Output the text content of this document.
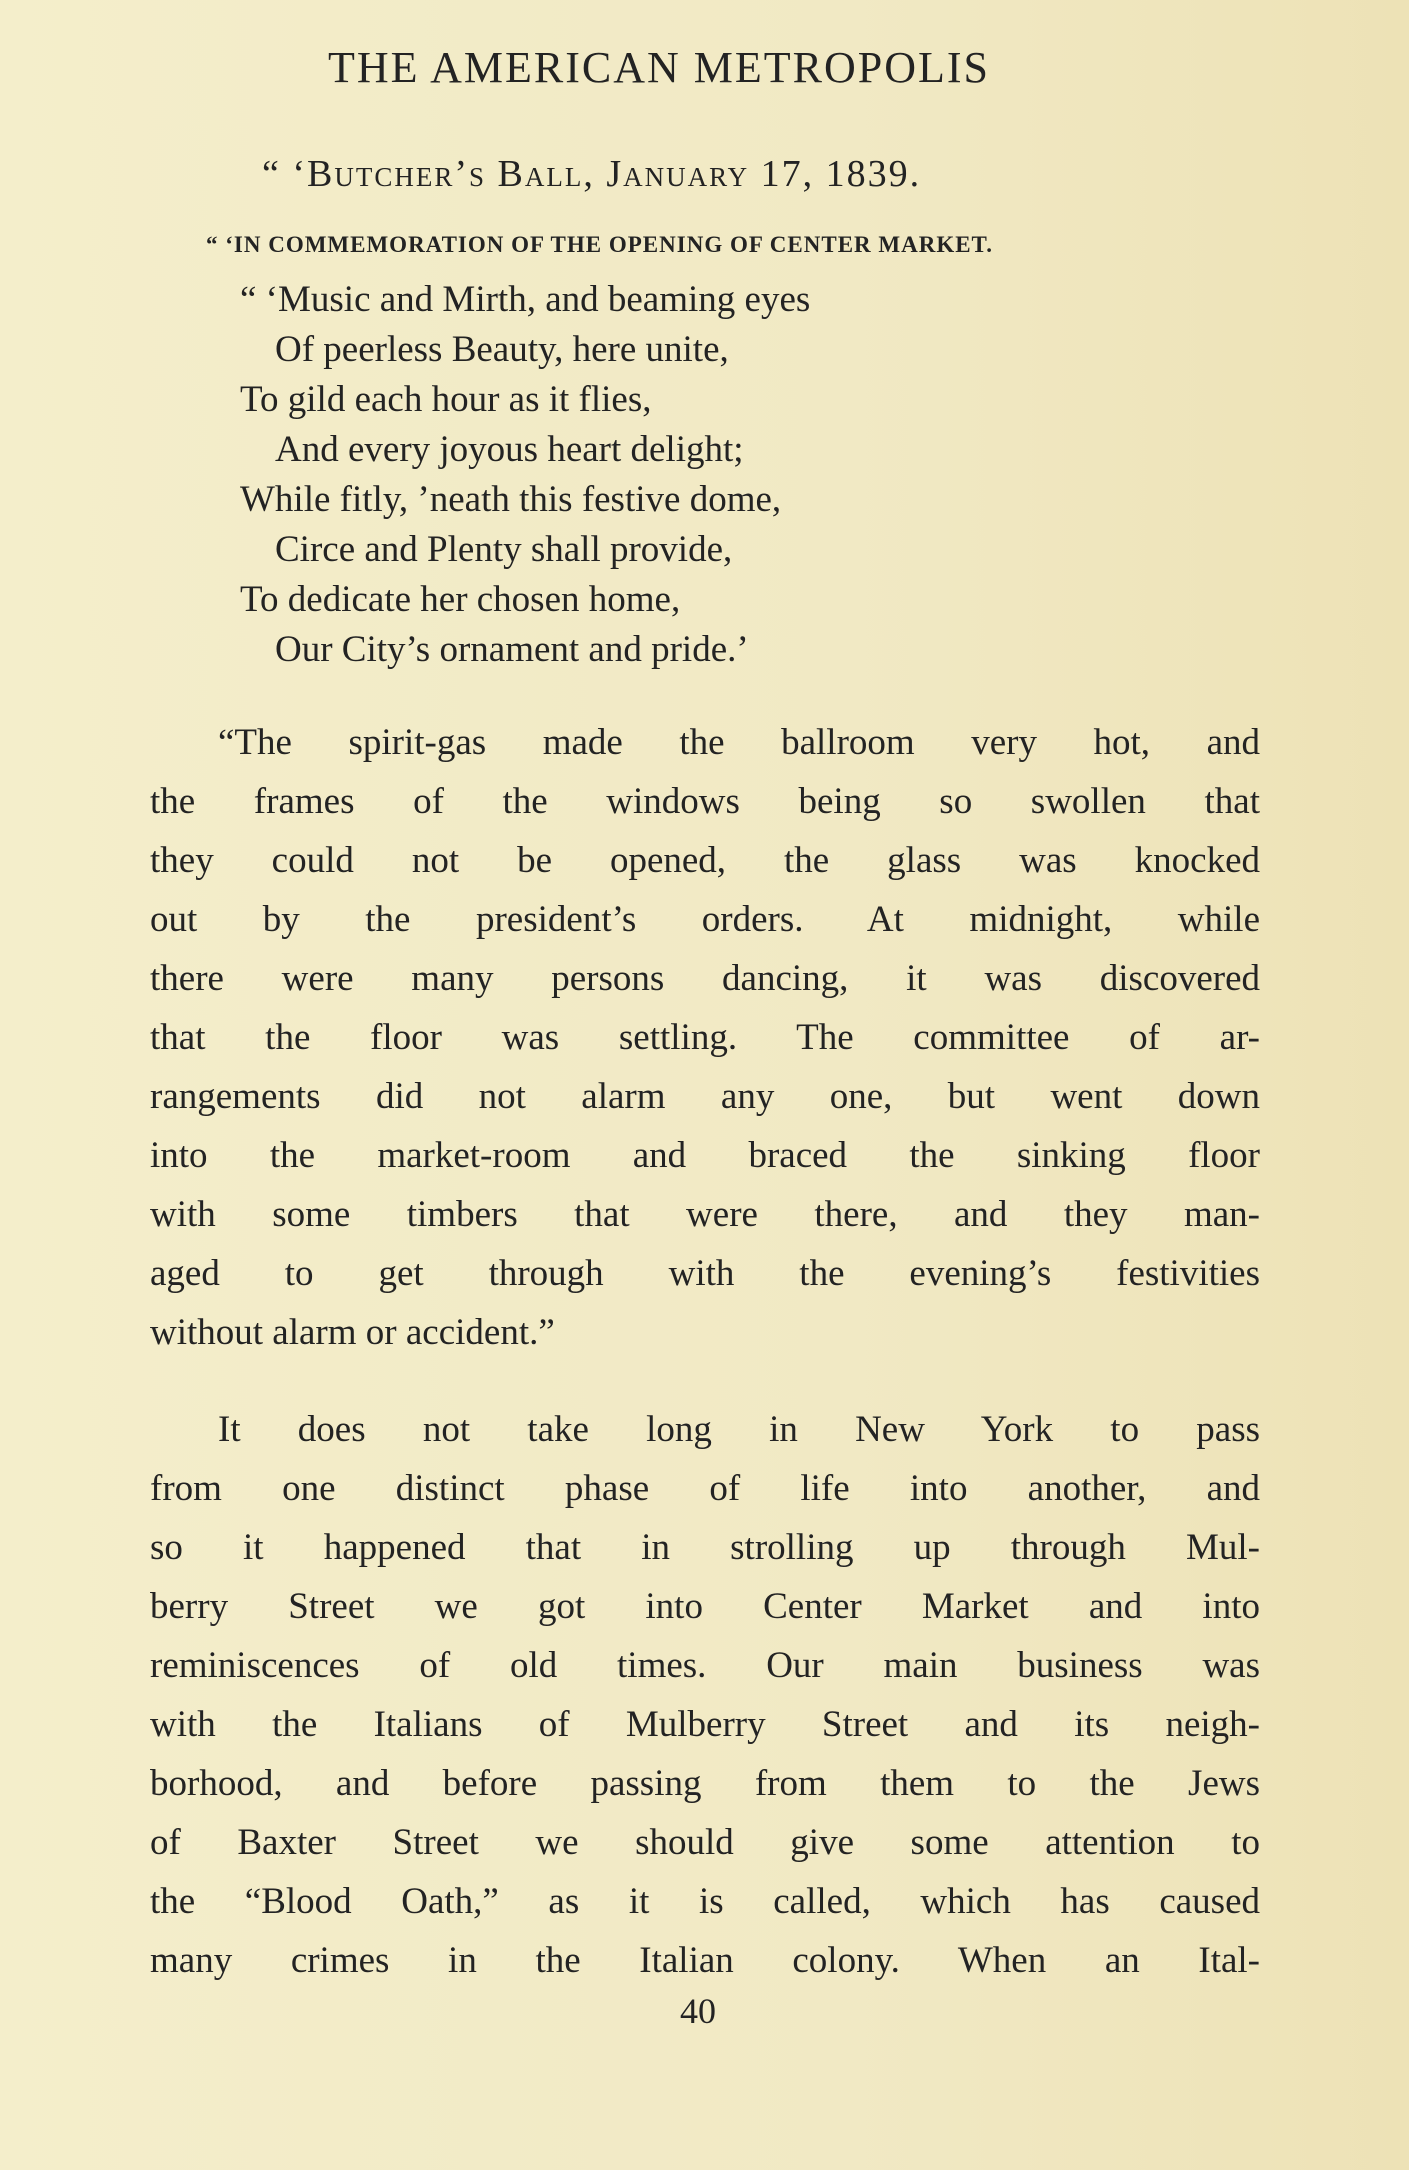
THE AMERICAN METROPOLIS
“ ‘Butcher’s Ball, January 17, 1839.
“ ‘IN COMMEMORATION OF THE OPENING OF CENTER MARKET.
“ ‘Music and Mirth, and beaming eyes
Of peerless Beauty, here unite,
To gild each hour as it flies,
And every joyous heart delight;
While fitly, ’neath this festive dome,
Circe and Plenty shall provide,
To dedicate her chosen home,
Our City’s ornament and pride.’
“The spirit-gas made the ballroom very hot, and
the frames of the windows being so swollen that
they could not be opened, the glass was knocked
out by the president’s orders. At midnight, while
there were many persons dancing, it was discovered
that the floor was settling. The committee of ar-
rangements did not alarm any one, but went down
into the market-room and braced the sinking floor
with some timbers that were there, and they man-
aged to get through with the evening’s festivities
without alarm or accident.”
It does not take long in New York to pass
from one distinct phase of life into another, and
so it happened that in strolling up through Mul-
berry Street we got into Center Market and into
reminiscences of old times. Our main business was
with the Italians of Mulberry Street and its neigh-
borhood, and before passing from them to the Jews
of Baxter Street we should give some attention to
the “Blood Oath,” as it is called, which has caused
many crimes in the Italian colony. When an Ital-
40
